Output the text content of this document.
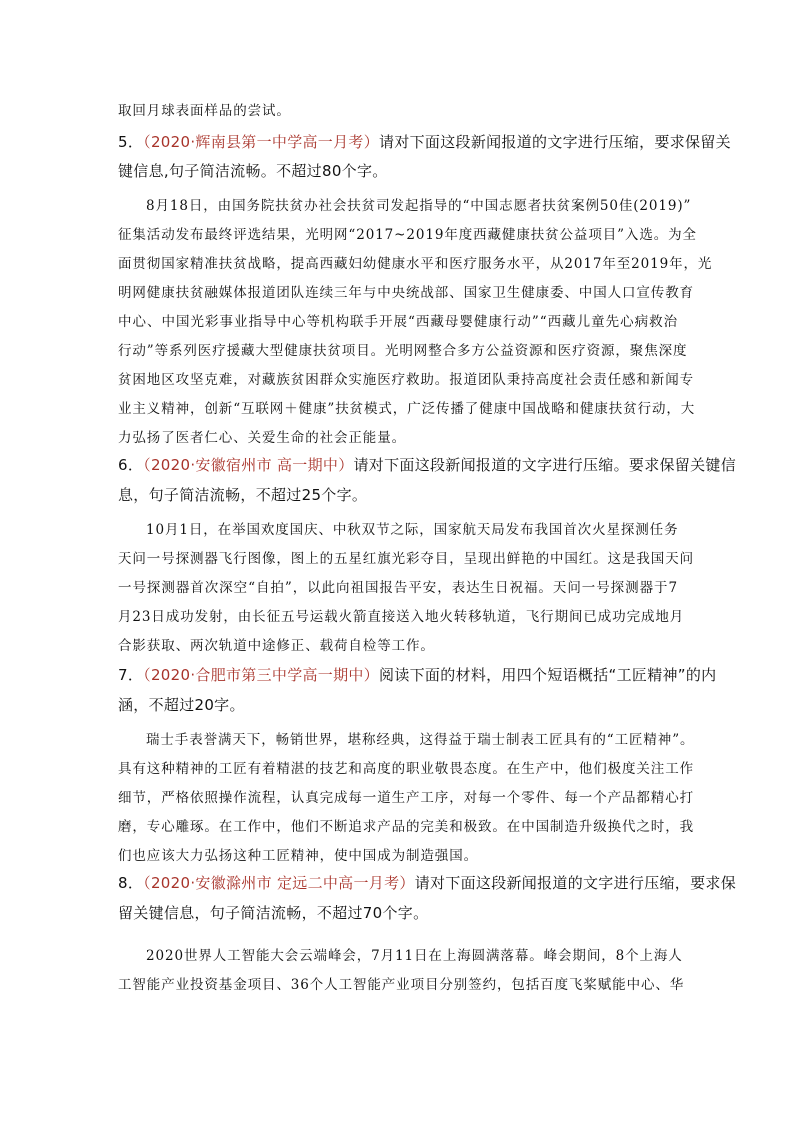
取回月球表面样品的尝试。
5．（2020·辉南县第一中学高一月考）请对下面这段新闻报道的文字进行压缩，要求保留关
键信息,句子简洁流畅。不超过80个字。
8月18日，由国务院扶贫办社会扶贫司发起指导的“中国志愿者扶贫案例50佳(2019)”
征集活动发布最终评选结果，光明网“2017~2019年度西藏健康扶贫公益项目”入选。为全
面贯彻国家精准扶贫战略，提高西藏妇幼健康水平和医疗服务水平，从2017年至2019年，光
明网健康扶贫融媒体报道团队连续三年与中央统战部、国家卫生健康委、中国人口宣传教育
中心、中国光彩事业指导中心等机构联手开展“西藏母婴健康行动”“西藏儿童先心病救治
行动”等系列医疗援藏大型健康扶贫项目。光明网整合多方公益资源和医疗资源，聚焦深度
贫困地区攻坚克难，对藏族贫困群众实施医疗救助。报道团队秉持高度社会责任感和新闻专
业主义精神，创新“互联网＋健康”扶贫模式，广泛传播了健康中国战略和健康扶贫行动，大
力弘扬了医者仁心、关爱生命的社会正能量。
6．（2020·安徽宿州市 高一期中）请对下面这段新闻报道的文字进行压缩。要求保留关键信
息，句子简洁流畅，不超过25个字。
10月1日，在举国欢度国庆、中秋双节之际，国家航天局发布我国首次火星探测任务
天问一号探测器飞行图像，图上的五星红旗光彩夺目，呈现出鲜艳的中国红。这是我国天问
一号探测器首次深空“自拍”，以此向祖国报告平安，表达生日祝福。天问一号探测器于7
月23日成功发射，由长征五号运载火箭直接送入地火转移轨道，飞行期间已成功完成地月
合影获取、两次轨道中途修正、载荷自检等工作。
7．（2020·合肥市第三中学高一期中）阅读下面的材料，用四个短语概括“工匠精神”的内
涵，不超过20字。
瑞士手表誉满天下，畅销世界，堪称经典，这得益于瑞士制表工匠具有的“工匠精神”。
具有这种精神的工匠有着精湛的技艺和高度的职业敬畏态度。在生产中，他们极度关注工作
细节，严格依照操作流程，认真完成每一道生产工序，对每一个零件、每一个产品都精心打
磨，专心雕琢。在工作中，他们不断追求产品的完美和极致。在中国制造升级换代之时，我
们也应该大力弘扬这种工匠精神，使中国成为制造强国。
8．（2020·安徽滁州市 定远二中高一月考）请对下面这段新闻报道的文字进行压缩，要求保
留关键信息，句子简洁流畅，不超过70个字。
2020世界人工智能大会云端峰会，7月11日在上海圆满落幕。峰会期间，8个上海人
工智能产业投资基金项目、36个人工智能产业项目分别签约，包括百度飞桨赋能中心、华
